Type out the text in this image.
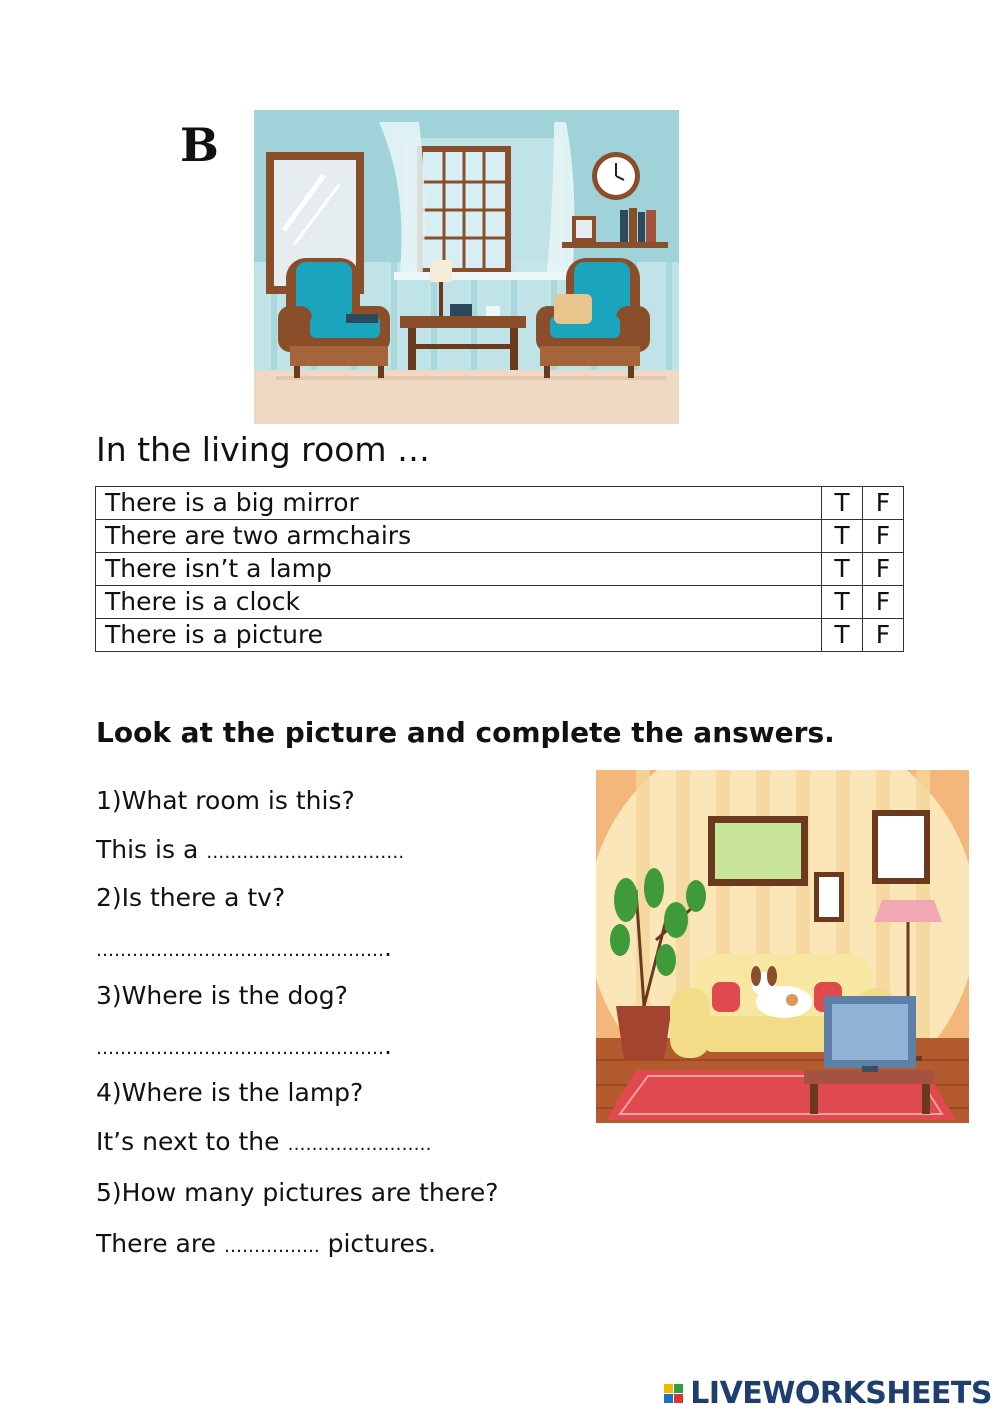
B
In the living room …
There is a big mirror	T	F
There are two armchairs	T	F
There isn’t a lamp	T	F
There is a clock	T	F
There is a picture	T	F
Look at the picture and complete the answers.
1)What room is this?
This is a ……………………………
2)Is there a tv?
………………………………………….
3)Where is the dog?
………………………………………….
4)Where is the lamp?
It’s next to the ……………………
5)How many pictures are there?
There are ……………. pictures.
LIVEWORKSHEETS
